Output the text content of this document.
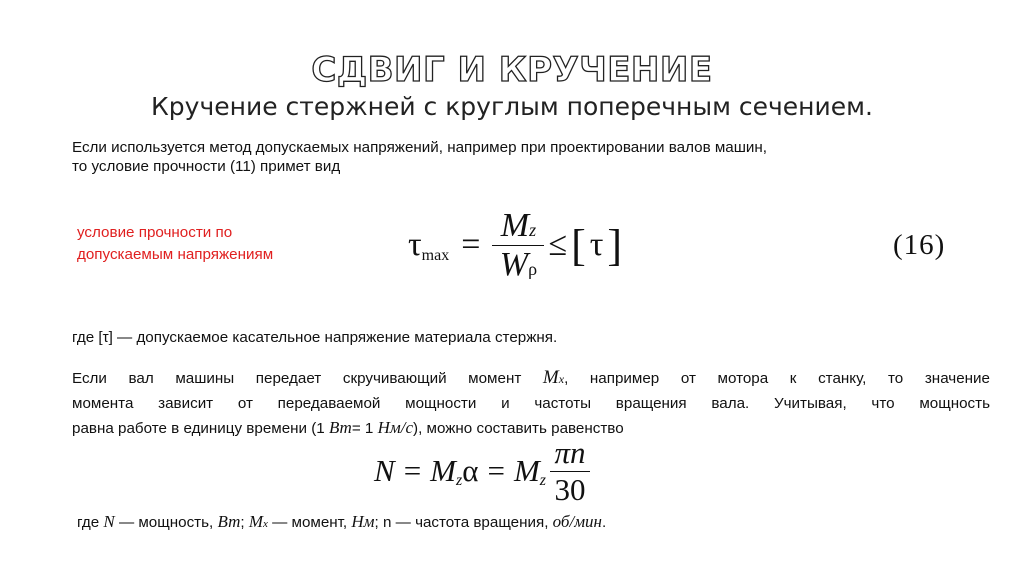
СДВИГ И КРУЧЕНИЕ
Кручение стержней с круглым поперечным сечением.
Если используется метод допускаемых напряжений, например при проектировании валов машин,
то условие прочности (11) примет вид
условие прочности по
допускаемым напряжениям	τ $\max = \frac{Mz}{W\rho}$ ≤ [ τ ]	(16)
где [τ] — допускаемое касательное напряжение материала стержня.
Если вал машины передает скручивающий момент Mx, например от мотора к станку, то значение
момента зависит от передаваемой мощности и частоты вращения вала. Учитывая, что мощность
равна работе в единицу времени (1 Вт= 1 Нм/с), можно составить равенство
N = M z α = M z $\frac{\pi n}{30}$
где N — мощность, Вт; Mx — момент, Нм; n — частота вращения, об/мин.
